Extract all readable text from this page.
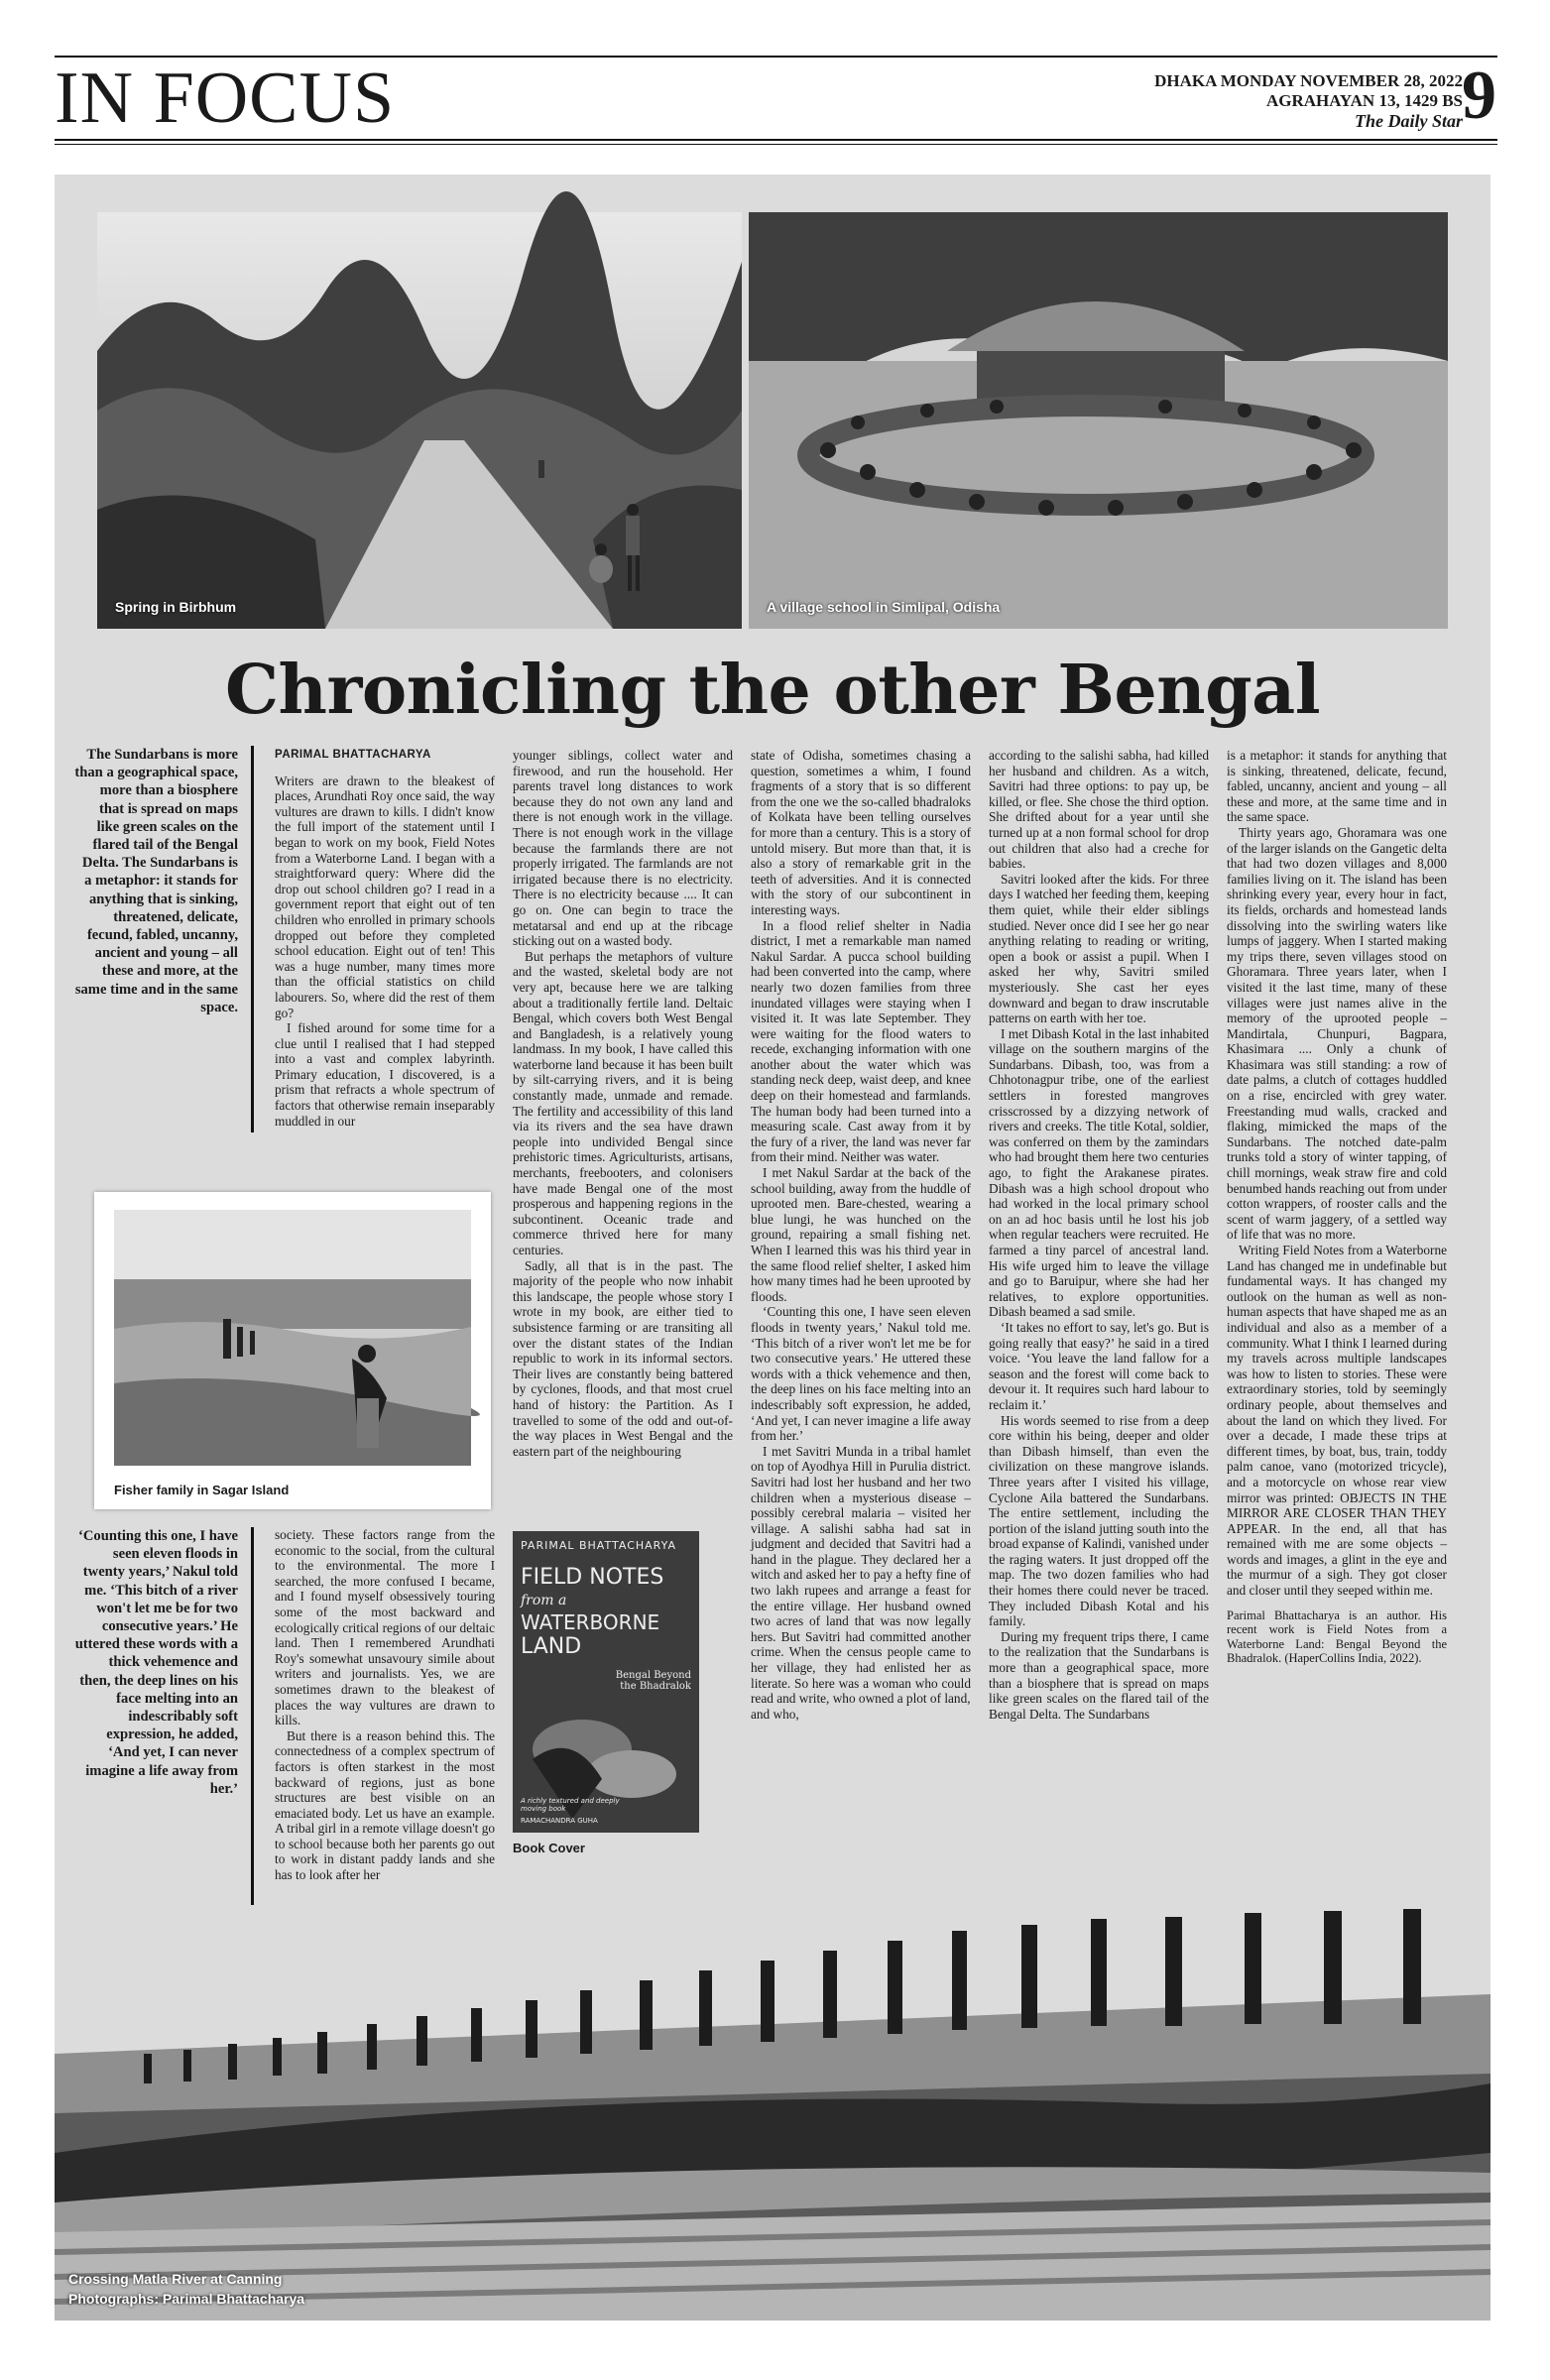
IN FOCUS	DHAKA MONDAY NOVEMBER 28, 2022
AGRAHAYAN 13, 1429 BS
The Daily Star 9
Spring in Birbhum	A village school in Simlipal, Odisha
Chronicling the other Bengal
The Sundarbans is more than a geographical space, more than a biosphere that is spread on maps like green scales on the flared tail of the Bengal Delta. The Sundarbans is a metaphor: it stands for anything that is sinking, threatened, delicate, fecund, fabled, uncanny, ancient and young – all these and more, at the same time and in the same space.
Fisher family in Sagar Island
‘Counting this one, I have seen eleven floods in twenty years,’ Nakul told me. ‘This bitch of a river won't let me be for two consecutive years.’ He uttered these words with a thick vehemence and then, the deep lines on his face melting into an indescribably soft expression, he added, ‘And yet, I can never imagine a life away from her.’
PARIMAL BHATTACHARYA

Writers are drawn to the bleakest of places, Arundhati Roy once said, the way vultures are drawn to kills. I didn't know the full import of the statement until I began to work on my book, Field Notes from a Waterborne Land. I began with a straightforward query: Where did the drop out school children go? I read in a government report that eight out of ten children who enrolled in primary schools dropped out before they completed school education. Eight out of ten! This was a huge number, many times more than the official statistics on child labourers. So, where did the rest of them go?

I fished around for some time for a clue until I realised that I had stepped into a vast and complex labyrinth. Primary education, I discovered, is a prism that refracts a whole spectrum of factors that otherwise remain inseparably muddled in our

society. These factors range from the economic to the social, from the cultural to the environmental. The more I searched, the more confused I became, and I found myself obsessively touring some of the most backward and ecologically critical regions of our deltaic land. Then I remembered Arundhati Roy's somewhat unsavoury simile about writers and journalists. Yes, we are sometimes drawn to the bleakest of places the way vultures are drawn to kills.

But there is a reason behind this. The connectedness of a complex spectrum of factors is often starkest in the most backward of regions, just as bone structures are best visible on an emaciated body. Let us have an example. A tribal girl in a remote village doesn't go to school because both her parents go out to work in distant paddy lands and she has to look after her

younger siblings, collect water and firewood, and run the household. Her parents travel long distances to work because they do not own any land and there is not enough work in the village. There is not enough work in the village because the farmlands there are not properly irrigated. The farmlands are not irrigated because there is no electricity. There is no electricity because .... It can go on. One can begin to trace the metatarsal and end up at the ribcage sticking out on a wasted body.

But perhaps the metaphors of vulture and the wasted, skeletal body are not very apt, because here we are talking about a traditionally fertile land. Deltaic Bengal, which covers both West Bengal and Bangladesh, is a relatively young landmass. In my book, I have called this waterborne land because it has been built by silt-carrying rivers, and it is being constantly made, unmade and remade. The fertility and accessibility of this land via its rivers and the sea have drawn people into undivided Bengal since prehistoric times. Agriculturists, artisans, merchants, freebooters, and colonisers have made Bengal one of the most prosperous and happening regions in the subcontinent. Oceanic trade and commerce thrived here for many centuries.

Sadly, all that is in the past. The majority of the people who now inhabit this landscape, the people whose story I wrote in my book, are either tied to subsistence farming or are transiting all over the distant states of the Indian republic to work in its informal sectors. Their lives are constantly being battered by cyclones, floods, and that most cruel hand of history: the Partition. As I travelled to some of the odd and out-of-the way places in West Bengal and the eastern part of the neighbouring

PARIMAL BHATTACHARYA
FIELD NOTES
from a
WATERBORNE
LAND
Bengal Beyond the Bhadralok
A richly textured and deeply moving book
RAMACHANDRA GUHA
Book Cover

state of Odisha, sometimes chasing a question, sometimes a whim, I found fragments of a story that is so different from the one we the so-called bhadraloks of Kolkata have been telling ourselves for more than a century. This is a story of untold misery. But more than that, it is also a story of remarkable grit in the teeth of adversities. And it is connected with the story of our subcontinent in interesting ways.

In a flood relief shelter in Nadia district, I met a remarkable man named Nakul Sardar. A pucca school building had been converted into the camp, where nearly two dozen families from three inundated villages were staying when I visited it. It was late September. They were waiting for the flood waters to recede, exchanging information with one another about the water which was standing neck deep, waist deep, and knee deep on their homestead and farmlands. The human body had been turned into a measuring scale. Cast away from it by the fury of a river, the land was never far from their mind. Neither was water.

I met Nakul Sardar at the back of the school building, away from the huddle of uprooted men. Bare-chested, wearing a blue lungi, he was hunched on the ground, repairing a small fishing net. When I learned this was his third year in the same flood relief shelter, I asked him how many times had he been uprooted by floods.

‘Counting this one, I have seen eleven floods in twenty years,’ Nakul told me. ‘This bitch of a river won't let me be for two consecutive years.’ He uttered these words with a thick vehemence and then, the deep lines on his face melting into an indescribably soft expression, he added, ‘And yet, I can never imagine a life away from her.’

I met Savitri Munda in a tribal hamlet on top of Ayodhya Hill in Purulia district. Savitri had lost her husband and her two children when a mysterious disease – possibly cerebral malaria – visited her village. A salishi sabha had sat in judgment and decided that Savitri had a hand in the plague. They declared her a witch and asked her to pay a hefty fine of two lakh rupees and arrange a feast for the entire village. Her husband owned two acres of land that was now legally hers. But Savitri had committed another crime. When the census people came to her village, they had enlisted her as literate. So here was a woman who could read and write, who owned a plot of land,

and who,

according to the salishi sabha, had killed her husband and children. As a witch, Savitri had three options: to pay up, be killed, or flee. She chose the third option. She drifted about for a year until she turned up at a non formal school for drop out children that also had a creche for babies.

Savitri looked after the kids. For three days I watched her feeding them, keeping them quiet, while their elder siblings studied. Never once did I see her go near anything relating to reading or writing, open a book or assist a pupil. When I asked her why, Savitri smiled mysteriously. She cast her eyes downward and began to draw inscrutable patterns on earth with her toe.

I met Dibash Kotal in the last inhabited village on the southern margins of the Sundarbans. Dibash, too, was from a Chhotonagpur tribe, one of the earliest settlers in forested mangroves crisscrossed by a dizzying network of rivers and creeks. The title Kotal, soldier, was conferred on them by the zamindars who had brought them here two centuries ago, to fight the Arakanese pirates. Dibash was a high school dropout who had worked in the local primary school on an ad hoc basis until he lost his job when regular teachers were recruited. He farmed a tiny parcel of ancestral land. His wife urged him to leave the village and go to Baruipur, where she had her relatives, to explore opportunities. Dibash beamed a sad smile.

‘It takes no effort to say, let's go. But is going really that easy?’ he said in a tired voice. ‘You leave the land fallow for a season and the forest will come back to devour it. It requires such hard labour to reclaim it.’

His words seemed to rise from a deep core within his being, deeper and older than Dibash himself, than even the civilization on these mangrove islands. Three years after I visited his village, Cyclone Aila battered the Sundarbans. The entire settlement, including the portion of the island jutting south into the broad expanse of Kalindi, vanished under the raging waters. It just dropped off the map. The two dozen families who had their homes there could never be traced. They included Dibash Kotal and his family.

During my frequent trips there, I came to the realization that the Sundarbans is more than a geographical space, more than a biosphere that is spread on maps like green scales on the flared tail of the Bengal Delta. The Sundarbans

is a metaphor: it stands for anything that is sinking, threatened, delicate, fecund, fabled, uncanny, ancient and young – all these and more, at the same time and in the same space.

Thirty years ago, Ghoramara was one of the larger islands on the Gangetic delta that had two dozen villages and 8,000 families living on it. The island has been shrinking every year, every hour in fact, its fields, orchards and homestead lands dissolving into the swirling waters like lumps of jaggery. When I started making my trips there, seven villages stood on Ghoramara. Three years later, when I visited it the last time, many of these villages were just names alive in the memory of the uprooted people – Mandirtala, Chunpuri, Bagpara, Khasimara .... Only a chunk of Khasimara was still standing: a row of date palms, a clutch of cottages huddled on a rise, encircled with grey water. Freestanding mud walls, cracked and flaking, mimicked the maps of the Sundarbans. The notched date-palm trunks told a story of winter tapping, of chill mornings, weak straw fire and cold benumbed hands reaching out from under cotton wrappers, of rooster calls and the scent of warm jaggery, of a settled way of life that was no more.

Writing Field Notes from a Waterborne Land has changed me in undefinable but fundamental ways. It has changed my outlook on the human as well as non-human aspects that have shaped me as an individual and also as a member of a community. What I think I learned during my travels across multiple landscapes was how to listen to stories. These were extraordinary stories, told by seemingly ordinary people, about themselves and about the land on which they lived. For over a decade, I made these trips at different times, by boat, bus, train, toddy palm canoe, vano (motorized tricycle), and a motorcycle on whose rear view mirror was printed: OBJECTS IN THE MIRROR ARE CLOSER THAN THEY APPEAR. In the end, all that has remained with me are some objects – words and images, a glint in the eye and the murmur of a sigh. They got closer and closer until they seeped within me.

Parimal Bhattacharya is an author. His recent work is Field Notes from a Waterborne Land: Bengal Beyond the Bhadralok. (HaperCollins India, 2022).

Crossing Matla River at Canning
Photographs: Parimal Bhattacharya
